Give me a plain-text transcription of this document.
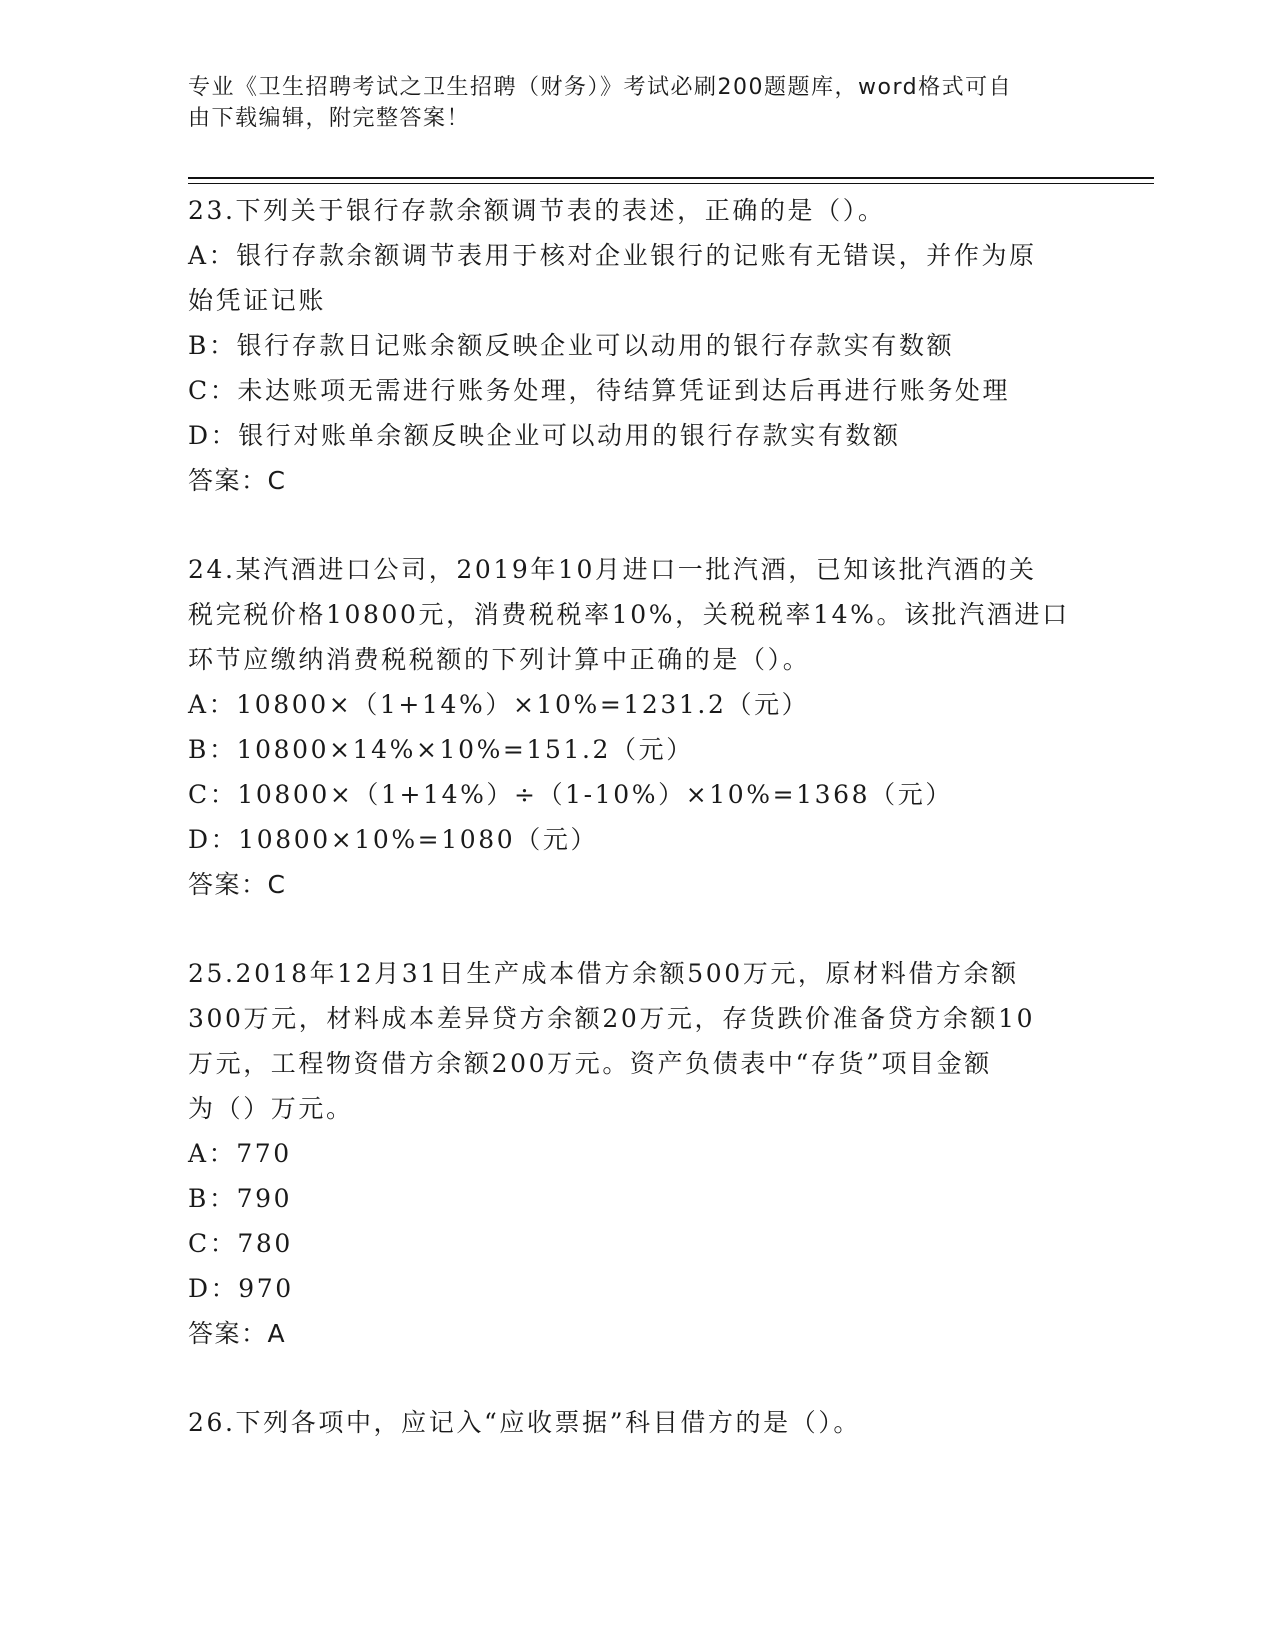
专业《卫生招聘考试之卫生招聘（财务）》考试必刷200题题库，word格式可自
由下载编辑，附完整答案！
23.下列关于银行存款余额调节表的表述，正确的是（）。
A：银行存款余额调节表用于核对企业银行的记账有无错误，并作为原
始凭证记账
B：银行存款日记账余额反映企业可以动用的银行存款实有数额
C：未达账项无需进行账务处理，待结算凭证到达后再进行账务处理
D：银行对账单余额反映企业可以动用的银行存款实有数额
答案：C
24.某汽酒进口公司，2019年10月进口一批汽酒，已知该批汽酒的关
税完税价格10800元，消费税税率10%，关税税率14%。该批汽酒进口
环节应缴纳消费税税额的下列计算中正确的是（）。
A：10800×（1+14%）×10%=1231.2（元）
B：10800×14%×10%=151.2（元）
C：10800×（1+14%）÷（1-10%）×10%=1368（元）
D：10800×10%=1080（元）
答案：C
25.2018年12月31日生产成本借方余额500万元，原材料借方余额
300万元，材料成本差异贷方余额20万元，存货跌价准备贷方余额10
万元，工程物资借方余额200万元。资产负债表中“存货”项目金额
为（）万元。
A：770
B：790
C：780
D：970
答案：A
26.下列各项中，应记入“应收票据”科目借方的是（）。
